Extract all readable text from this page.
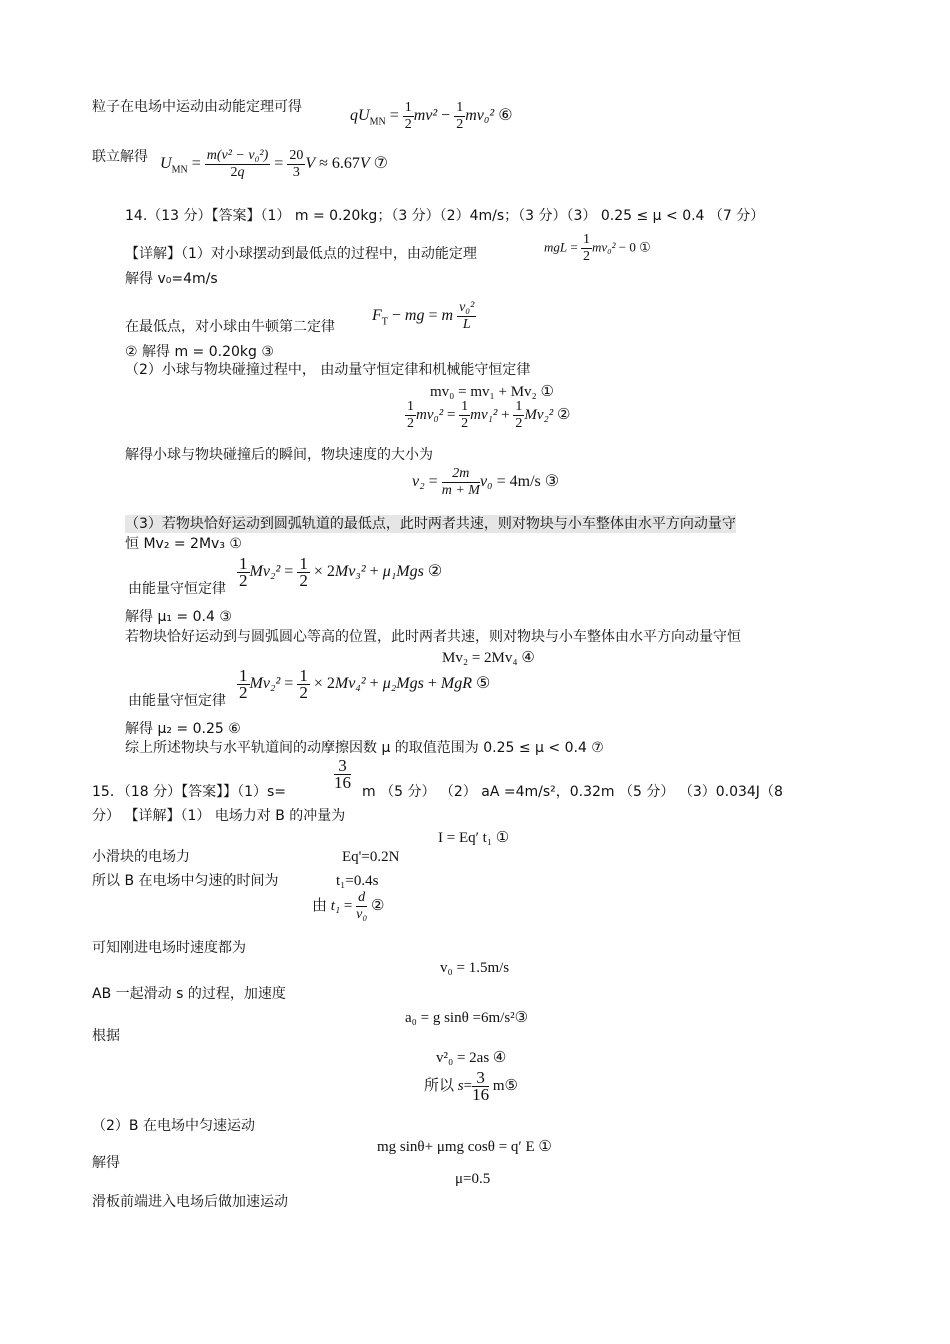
粒子在电场中运动由动能定理可得
$qU_{MN} = \frac{1}{2} mv^2 - \frac{1}{2} mv_0^2$ ⑥
联立解得 $U_{MN} = \frac{\text{m(v² − v₀²)}}{2q} = \frac{20}{3}$ V ≈ 6.67V ⑦
14.（13 分）【答案】（1） m = 0.20kg；（3 分）（2）4m/s；（3 分）（3） 0.25 ≤ μ < 0.4 （7 分）
【详解】（1）对小球摆动到最低点的过程中，由动能定理	mgL = $\frac{1}{2} mv_0^2 - 0$ ①
解得 v₀=4m/s
在最低点，对小球由牛顿第二定律
$F_T$ − mg = m $\frac{\text{v₀²}}{L}$
② 解得 m = 0.20kg ③
（2）小球与物块碰撞过程中， 由动量守恒定律和机械能守恒定律
mv₀ = mv₁ + Mv₂ ①
$\frac{1}{2} mv_0^2 = \frac{1}{2} mv_1^2 + \frac{1}{2} Mv_2^2$ ②
解得小球与物块碰撞后的瞬间，物块速度的大小为
$v_2 = \frac{2m}{m + M} v_0 = 4m/s$ ③
（3）若物块恰好运动到圆弧轨道的最低点，此时两者共速，则对物块与小车整体由水平方向动量守
恒 Mv₂ = 2Mv₃ ①
由能量守恒定律 $\frac{1}{2} Mv_2^2 = \frac{1}{2} \times 2Mv_3^2 + \mu_1Mgs$ ②
解得 μ₁ = 0.4 ③
若物块恰好运动到与圆弧圆心等高的位置，此时两者共速，则对物块与小车整体由水平方向动量守恒
Mv₂ = 2Mv₄ ④
由能量守恒定律 $\frac{1}{2} Mv_2^2 = \frac{1}{2} \times 2Mv_4^2 + \mu_2Mgs$ + MgR ⑤
解得 μ₂ = 0.25 ⑥
综上所述物块与水平轨道间的动摩擦因数 μ 的取值范围为 0.25 ≤ μ < 0.4 ⑦
15．（18 分）【答案】】（1）s=
$\frac{3}{16}$
m （5 分） （2） aA =4m/s²，0.32m （5 分） （3）0.034J（8
分） 【详解】（1） 电场力对 B 的冲量为
I = Eq′ t₁ ①
小滑块的电场力	Eq'=0.2N
所以 B 在电场中匀速的时间为	t₁=0.4s
由 $t_1 = \frac{d}{\text{v₀}}$ ②
可知刚进电场时速度都为
v₀ = 1.5m/s
AB 一起滑动 s 的过程，加速度
a₀ = g sinθ =6m/s²③
根据
v²₀ = 2as ④
所以 $s= \frac{3}{16}$ m⑤
（2）B 在电场中匀速运动
mg sinθ+ μmg cosθ = q′ E ①
解得
μ=0.5
滑板前端进入电场后做加速运动
